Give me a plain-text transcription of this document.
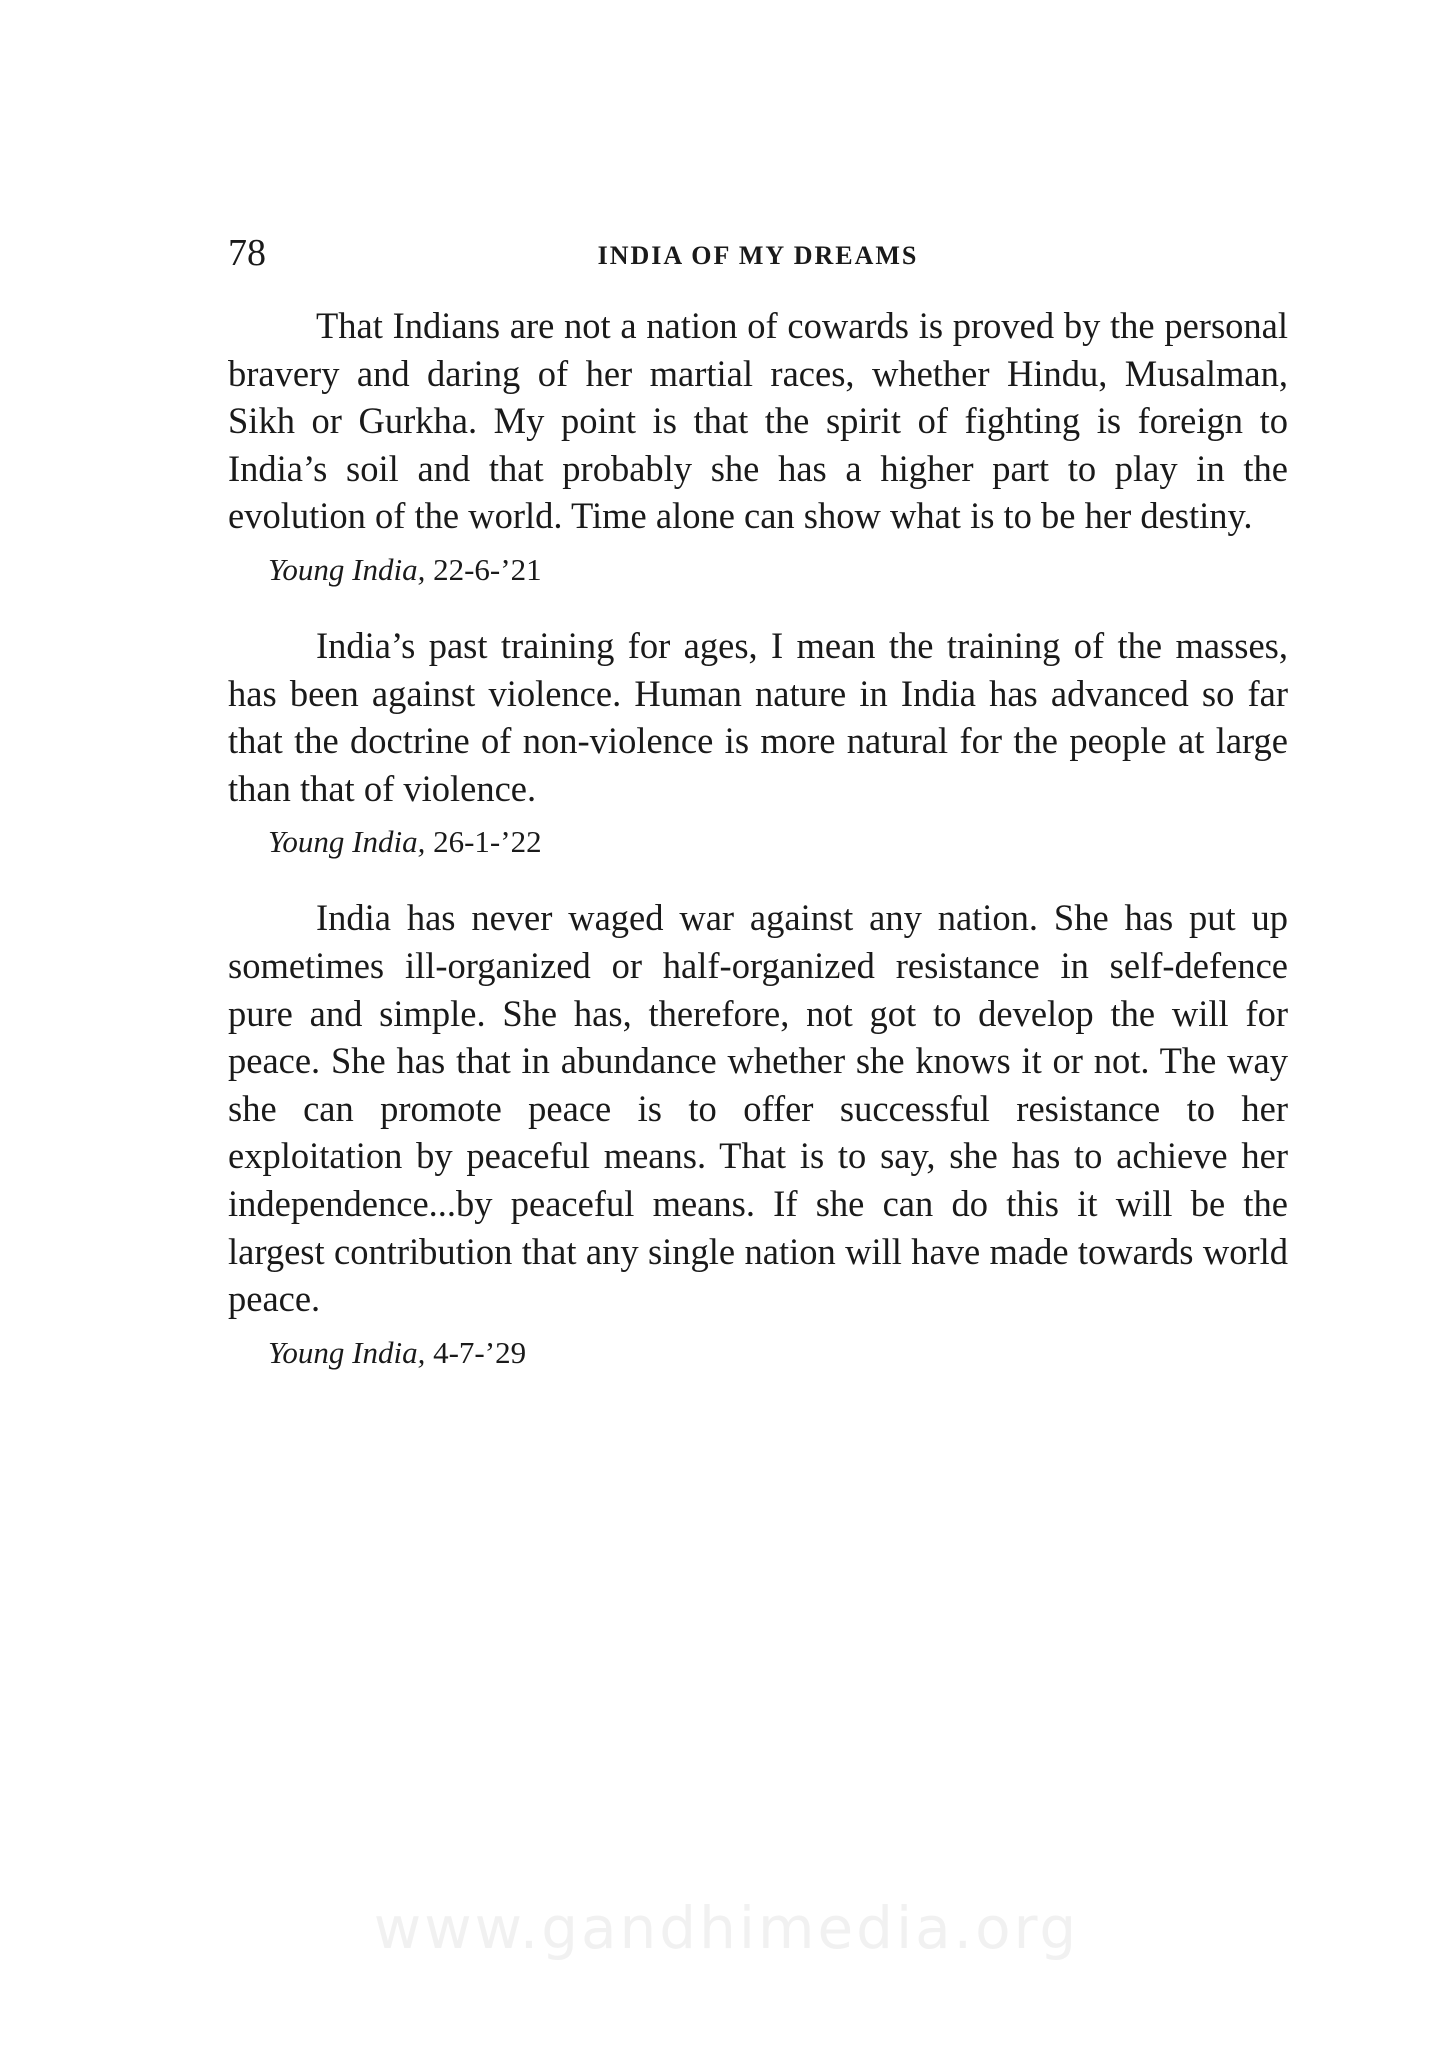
78	INDIA OF MY DREAMS

That Indians are not a nation of cowards is proved by the personal bravery and daring of her martial races, whether Hindu, Musalman, Sikh or Gurkha. My point is that the spirit of fighting is foreign to India’s soil and that probably she has a higher part to play in the evolution of the world. Time alone can show what is to be her destiny.

Young India, 22-6-’21

India’s past training for ages, I mean the training of the masses, has been against violence. Human nature in India has advanced so far that the doctrine of non-violence is more natural for the people at large than that of violence.

Young India, 26-1-’22

India has never waged war against any nation. She has put up sometimes ill-organized or half-organized resistance in self-defence pure and simple. She has, therefore, not got to develop the will for peace. She has that in abundance whether she knows it or not. The way she can promote peace is to offer successful resistance to her exploitation by peaceful means. That is to say, she has to achieve her independence...by peaceful means. If she can do this it will be the largest contribution that any single nation will have made towards world peace.

Young India, 4-7-’29
www.gandhimedia.org
